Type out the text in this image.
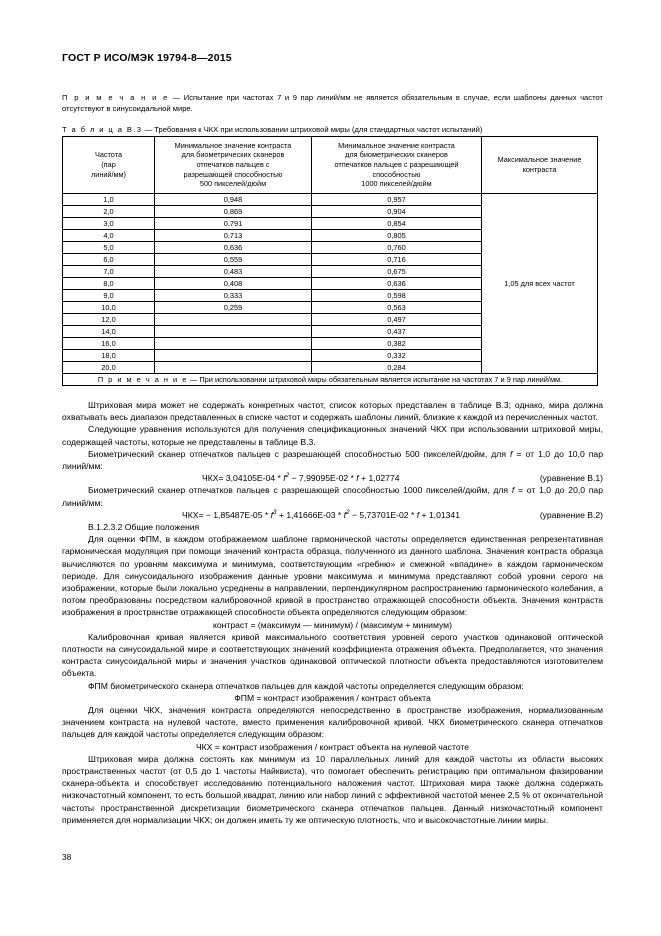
ГОСТ Р ИСО/МЭК 19794-8—2015

П р и м е ч а н и е — Испытание при частотах 7 и 9 пар линий/мм не является обязательным в случае, если шаблоны данных частот отсутствуют в синусоидальной мире.

Т а б л и ц а В.3 — Требования к ЧКХ при использовании штриховой миры (для стандартных частот испытаний)
Частота
(пар
линий/мм)	Минимальное значение контраста
для биометрических сканеров
отпечатков пальцев с
разрешающей способностью
500 пикселей/дюйм	Минимальное значение контраста
для биометрических сканеров
отпечатков пальцев с разрешающей
способностью
1000 пикселей/дюйм	Максимальное значение
контраста
1,0	0,948	0,957	1,05 для всех частот
2,0	0,869	0,904	
3,0	0,791	0,854	
4,0	0,713	0,805	
5,0	0,636	0,760	
6,0	0,559	0,716	
7,0	0,483	0,675	
8,0	0,408	0,636	
9,0	0,333	0,598	
10,0	0,259	0,563	
12,0		0,497	
14,0		0,437	
16,0		0,382	
18,0		0,332	
20,0		0,284	
П р и м е ч а н и е — При использовании штриховой миры обязательным является испытание на частотах 7 и 9 пар линий/мм.			

Штриховая мира может не содержать конкретных частот, список которых представлен в таблице В.3; однако, мира должна охватывать весь диапазон представленных в списке частот и содержать шаблоны линий, близкие к каждой из перечисленных частот.

Следующие уравнения используются для получения спецификационных значений ЧКХ при использовании штриховой миры, содержащей частоты, которые не представлены в таблице В.3.

Биометрический сканер отпечатков пальцев с разрешающей способностью 500 пикселей/дюйм, для f = от 1,0 до 10,0 пар линий/мм:

$ЧКХ= 3,04105Е-04 * f^2 - 7,99095Е-02 * f + 1,02774$	(уравнение В.1)

Биометрический сканер отпечатков пальцев с разрешающей способностью 1000 пикселей/дюйм, для f = от 1,0 до 20,0 пар линий/мм:

$ЧКХ= - 1,85487Е-05 * f^3 + 1,41666Е-03 * f^2 - 5,73701Е-02 * f + 1,01341$	(уравнение В.2)

В.1.2.3.2 Общие положения

Для оценки ФПМ, в каждом отображаемом шаблоне гармонической частоты определяется единственная репрезентативная гармоническая модуляция при помощи значений контраста образца, полученного из данного шаблона. Значения контраста образца вычисляются по уровням максимума и минимума, соответствующим «гребню» и смежной «впадине» в каждом гармоническом периоде. Для синусоидального изображения данные уровни максимума и минимума представляют собой уровни серого на изображении, которые были локально усреднены в направлении, перпендикулярном распространению гармонического колебания, а потом преобразованы посредством калибровочной кривой в пространство отражающей способности объекта. Значения контраста изображения в пространстве отражающей способности объекта определяются следующим образом:

контраст = (максимум — минимум) / (максимум + минимум)

Калибровочная кривая является кривой максимального соответствия уровней серого участков одинаковой оптической плотности на синусоидальной мире и соответствующих значений коэффициента отражения объекта. Предполагается, что значения контраста синусоидальной миры и значения участков одинаковой оптической плотности объекта предоставляются изготовителем объекта.

ФПМ биометрического сканера отпечатков пальцев для каждой частоты определяется следующим образом:

ФПМ = контраст изображения / контраст объекта

Для оценки ЧКХ, значения контраста определяются непосредственно в пространстве изображения, нормализованным значением контраста на нулевой частоте, вместо применения калибровочной кривой. ЧКХ биометрического сканера отпечатков пальцев для каждой частоты определяется следующим образом:

ЧКХ = контраст изображения / контраст объекта на нулевой частоте

Штриховая мира должна состоять как минимум из 10 параллельных линий для каждой частоты из области высоких пространственных частот (от 0,5 до 1 частоты Найквиста), что помогает обеспечить регистрацию при оптимальном фазировании сканера-объекта и способствует исследованию потенциального наложения частот. Штриховая мира также должна содержать низкочастотный компонент, то есть большой квадрат, линию или набор линий с эффективной частотой менее 2,5 % от окончательной частоты пространственной дискретизации биометрического сканера отпечатков пальцев. Данный низкочастотный компонент применяется для нормализации ЧКХ; он должен иметь ту же оптическую плотность, что и высокочастотные линии миры.

38
